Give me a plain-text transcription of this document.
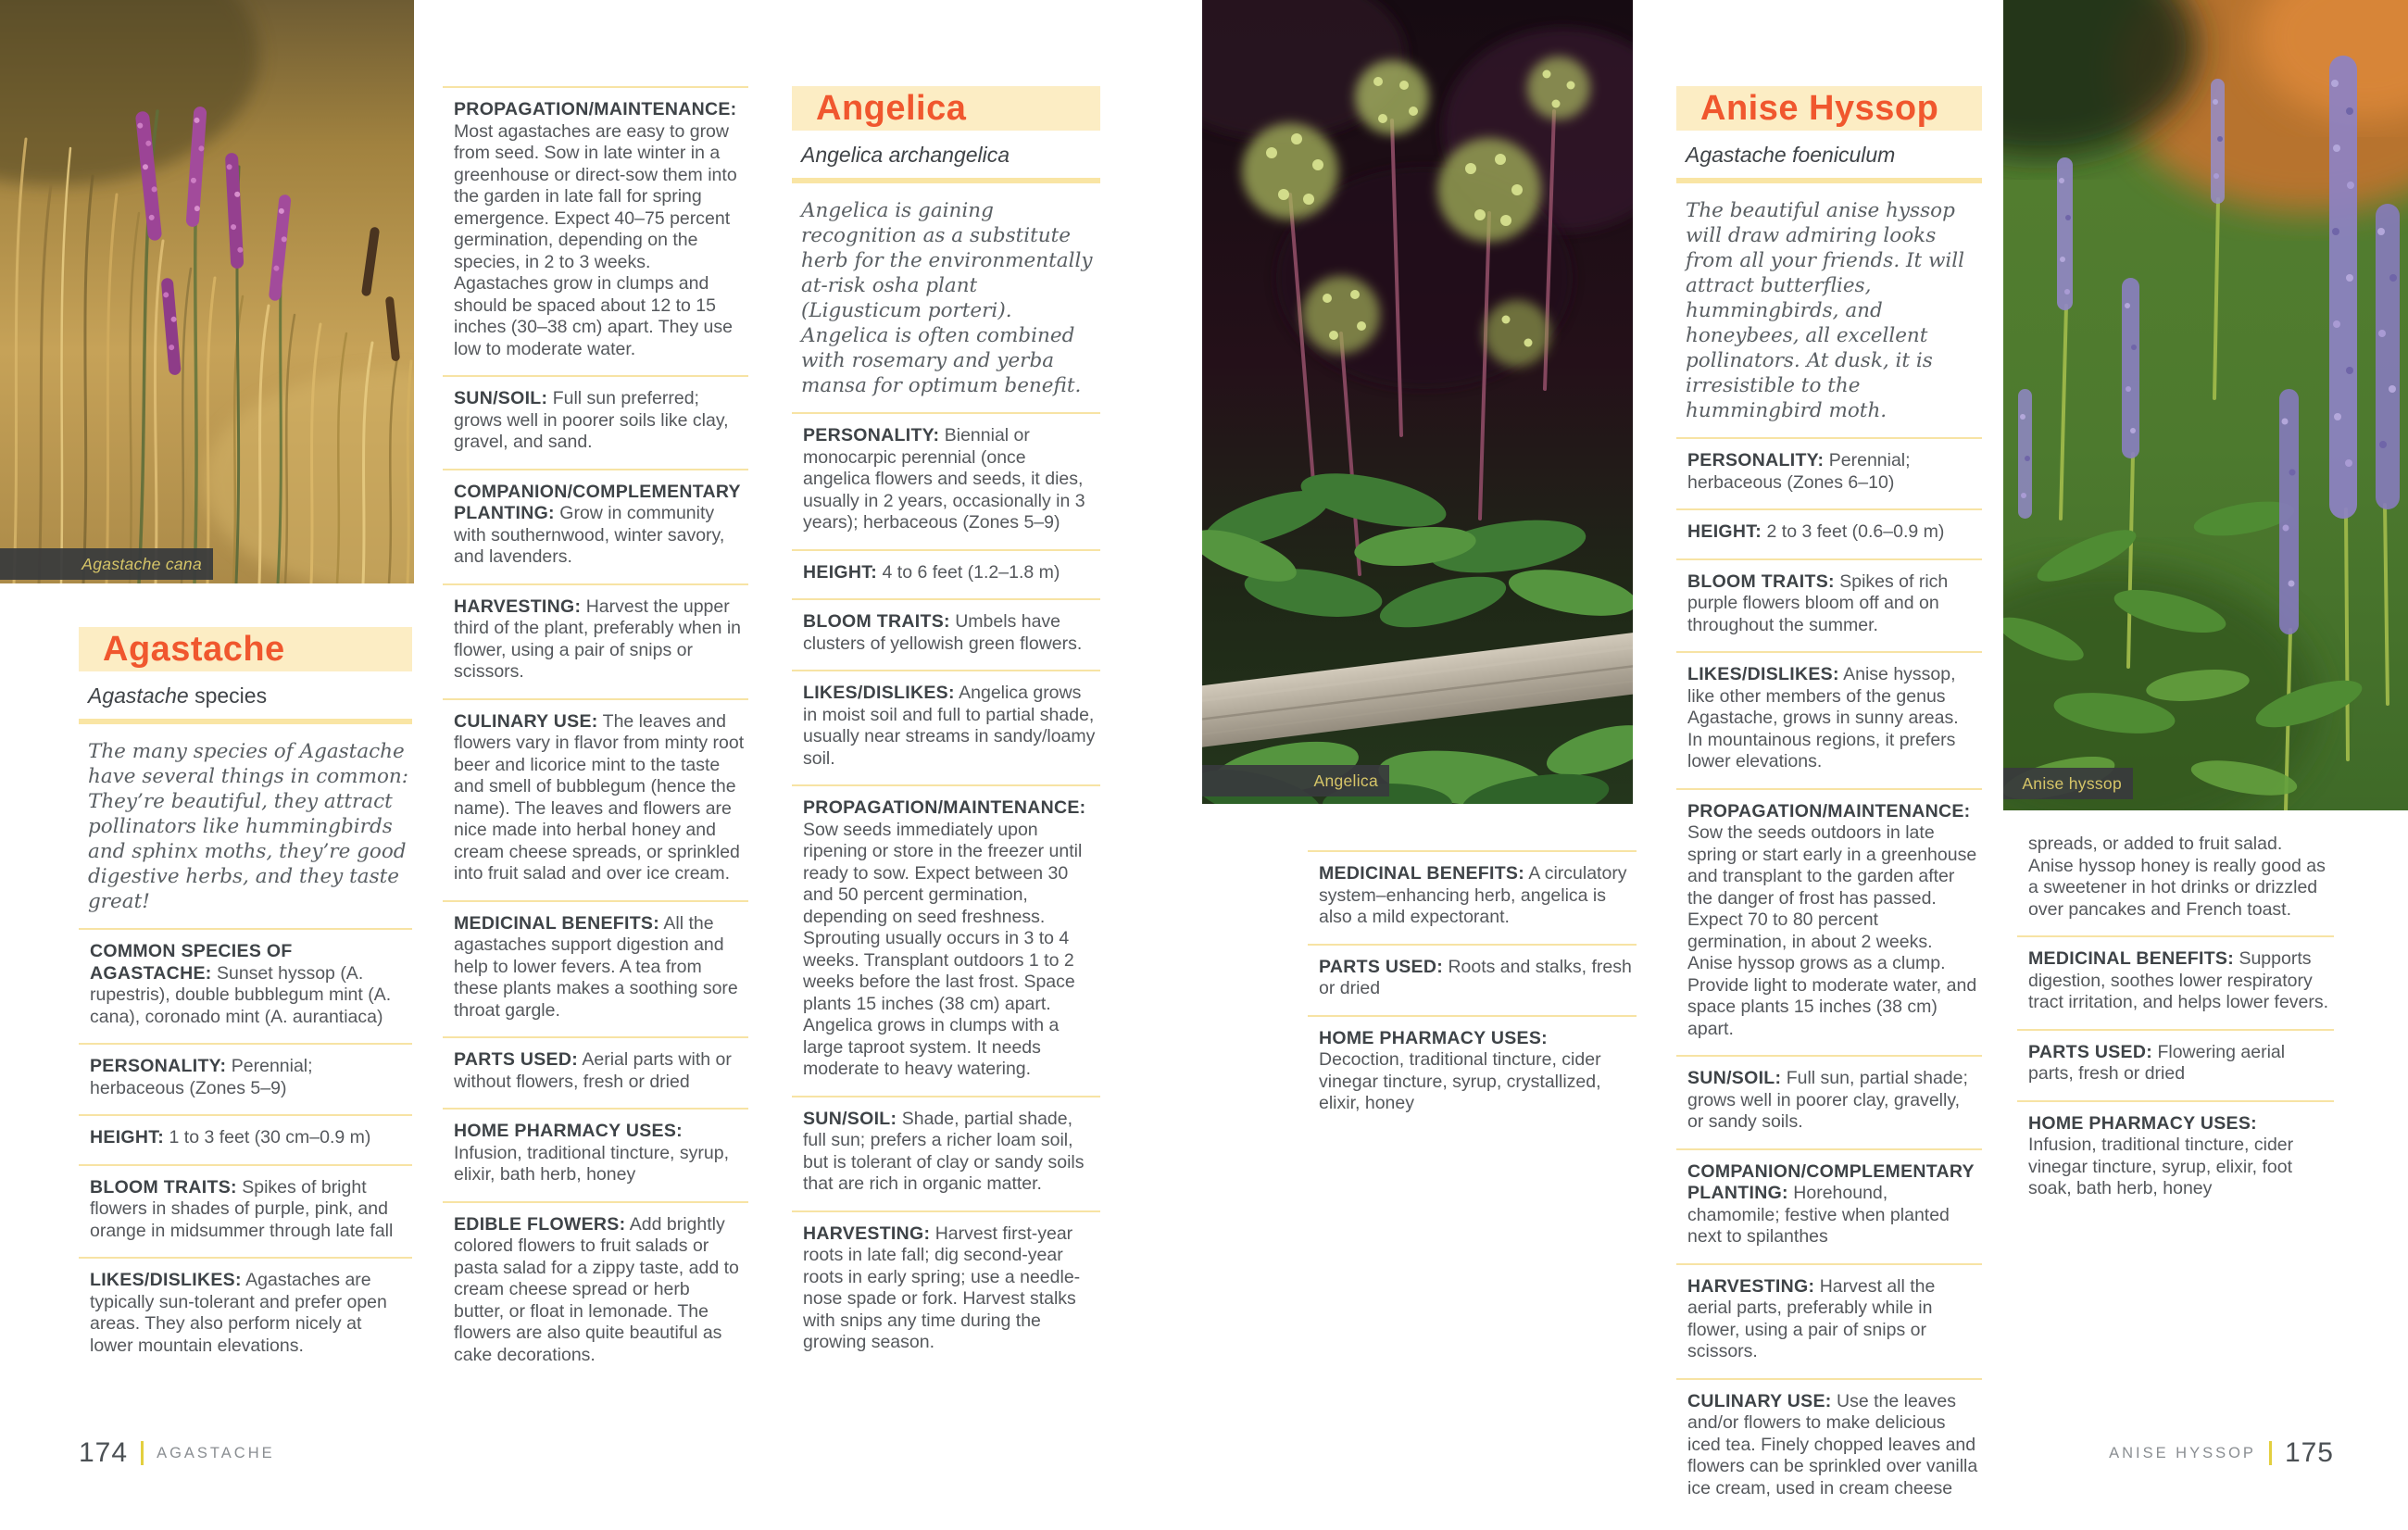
Agastache cana
Angelica	Anise hyssop
Agastache

Agastache species

The many species of Agastache have several things in common: They’re beautiful, they attract pollinators like hummingbirds and sphinx moths, they’re good digestive herbs, and they taste great!

COMMON SPECIES OF AGASTACHE: Sunset hyssop (A. rupestris), double bubblegum mint (A. cana), coronado mint (A. aurantiaca)

PERSONALITY: Perennial; herbaceous (Zones 5–9)

HEIGHT: 1 to 3 feet (30 cm–0.9 m)

BLOOM TRAITS: Spikes of bright flowers in shades of purple, pink, and orange in midsummer through late fall

LIKES/DISLIKES: Agastaches are typically sun-tolerant and prefer open areas. They also perform nicely at lower mountain elevations.

PROPAGATION/MAINTENANCE: Most agastaches are easy to grow from seed. Sow in late winter in a greenhouse or direct-sow them into the garden in late fall for spring emergence. Expect 40–75 percent germination, depending on the species, in 2 to 3 weeks. Agastaches grow in clumps and should be spaced about 12 to 15 inches (30–38 cm) apart. They use low to moderate water.

SUN/SOIL: Full sun preferred; grows well in poorer soils like clay, gravel, and sand.

COMPANION/COMPLEMENTARY PLANTING: Grow in community with southernwood, winter savory, and lavenders.

HARVESTING: Harvest the upper third of the plant, preferably when in flower, using a pair of snips or scissors.

CULINARY USE: The leaves and flowers vary in flavor from minty root beer and licorice mint to the taste and smell of bubblegum (hence the name). The leaves and flowers are nice made into herbal honey and cream cheese spreads, or sprinkled into fruit salad and over ice cream.

MEDICINAL BENEFITS: All the agastaches support digestion and help to lower fevers. A tea from these plants makes a soothing sore throat gargle.

PARTS USED: Aerial parts with or without flowers, fresh or dried

HOME PHARMACY USES: Infusion, traditional tincture, syrup, elixir, bath herb, honey

EDIBLE FLOWERS: Add brightly colored flowers to fruit salads or pasta salad for a zippy taste, add to cream cheese spread or herb butter, or float in lemonade. The flowers are also quite beautiful as cake decorations.

Angelica

Angelica archangelica

Angelica is gaining recognition as a substitute herb for the environmentally at-risk osha plant (Ligusticum porteri). Angelica is often combined with rosemary and yerba mansa for optimum benefit.

PERSONALITY: Biennial or monocarpic perennial (once angelica flowers and seeds, it dies, usually in 2 years, occasionally in 3 years); herbaceous (Zones 5–9)

HEIGHT: 4 to 6 feet (1.2–1.8 m)

BLOOM TRAITS: Umbels have clusters of yellowish green flowers.

LIKES/DISLIKES: Angelica grows in moist soil and full to partial shade, usually near streams in sandy/loamy soil.

PROPAGATION/MAINTENANCE: Sow seeds immediately upon ripening or store in the freezer until ready to sow. Expect between 30 and 50 percent germination, depending on seed freshness. Sprouting usually occurs in 3 to 4 weeks. Transplant outdoors 1 to 2 weeks before the last frost. Space plants 15 inches (38 cm) apart. Angelica grows in clumps with a large taproot system. It needs moderate to heavy watering.

SUN/SOIL: Shade, partial shade, full sun; prefers a richer loam soil, but is tolerant of clay or sandy soils that are rich in organic matter.

HARVESTING: Harvest first-year roots in late fall; dig second-year roots in early spring; use a needle-nose spade or fork. Harvest stalks with snips any time during the growing season.

MEDICINAL BENEFITS: A circulatory system–enhancing herb, angelica is also a mild expectorant.

PARTS USED: Roots and stalks, fresh or dried

HOME PHARMACY USES: Decoction, traditional tincture, cider vinegar tincture, syrup, crystallized, elixir, honey

Anise Hyssop

Agastache foeniculum

The beautiful anise hyssop will draw admiring looks from all your friends. It will attract butterflies, hummingbirds, and honeybees, all excellent pollinators. At dusk, it is irresistible to the hummingbird moth.

PERSONALITY: Perennial; herbaceous (Zones 6–10)

HEIGHT: 2 to 3 feet (0.6–0.9 m)

BLOOM TRAITS: Spikes of rich purple flowers bloom off and on throughout the summer.

LIKES/DISLIKES: Anise hyssop, like other members of the genus Agastache, grows in sunny areas. In mountainous regions, it prefers lower elevations.

PROPAGATION/MAINTENANCE: Sow the seeds outdoors in late spring or start early in a greenhouse and transplant to the garden after the danger of frost has passed. Expect 70 to 80 percent germination, in about 2 weeks. Anise hyssop grows as a clump. Provide light to moderate water, and space plants 15 inches (38 cm) apart.

SUN/SOIL: Full sun, partial shade; grows well in poorer clay, gravelly, or sandy soils.

COMPANION/COMPLEMENTARY PLANTING: Horehound, chamomile; festive when planted next to spilanthes

HARVESTING: Harvest all the aerial parts, preferably while in flower, using a pair of snips or scissors.

CULINARY USE: Use the leaves and/or flowers to make delicious iced tea. Finely chopped leaves and flowers can be sprinkled over vanilla ice cream, used in cream cheese

spreads, or added to fruit salad. Anise hyssop honey is really good as a sweetener in hot drinks or drizzled over pancakes and French toast.

MEDICINAL BENEFITS: Supports digestion, soothes lower respiratory tract irritation, and helps lower fevers.

PARTS USED: Flowering aerial parts, fresh or dried

HOME PHARMACY USES: Infusion, traditional tincture, cider vinegar tincture, syrup, elixir, foot soak, bath herb, honey

174 AGASTACHE	ANISE HYSSOP 175
